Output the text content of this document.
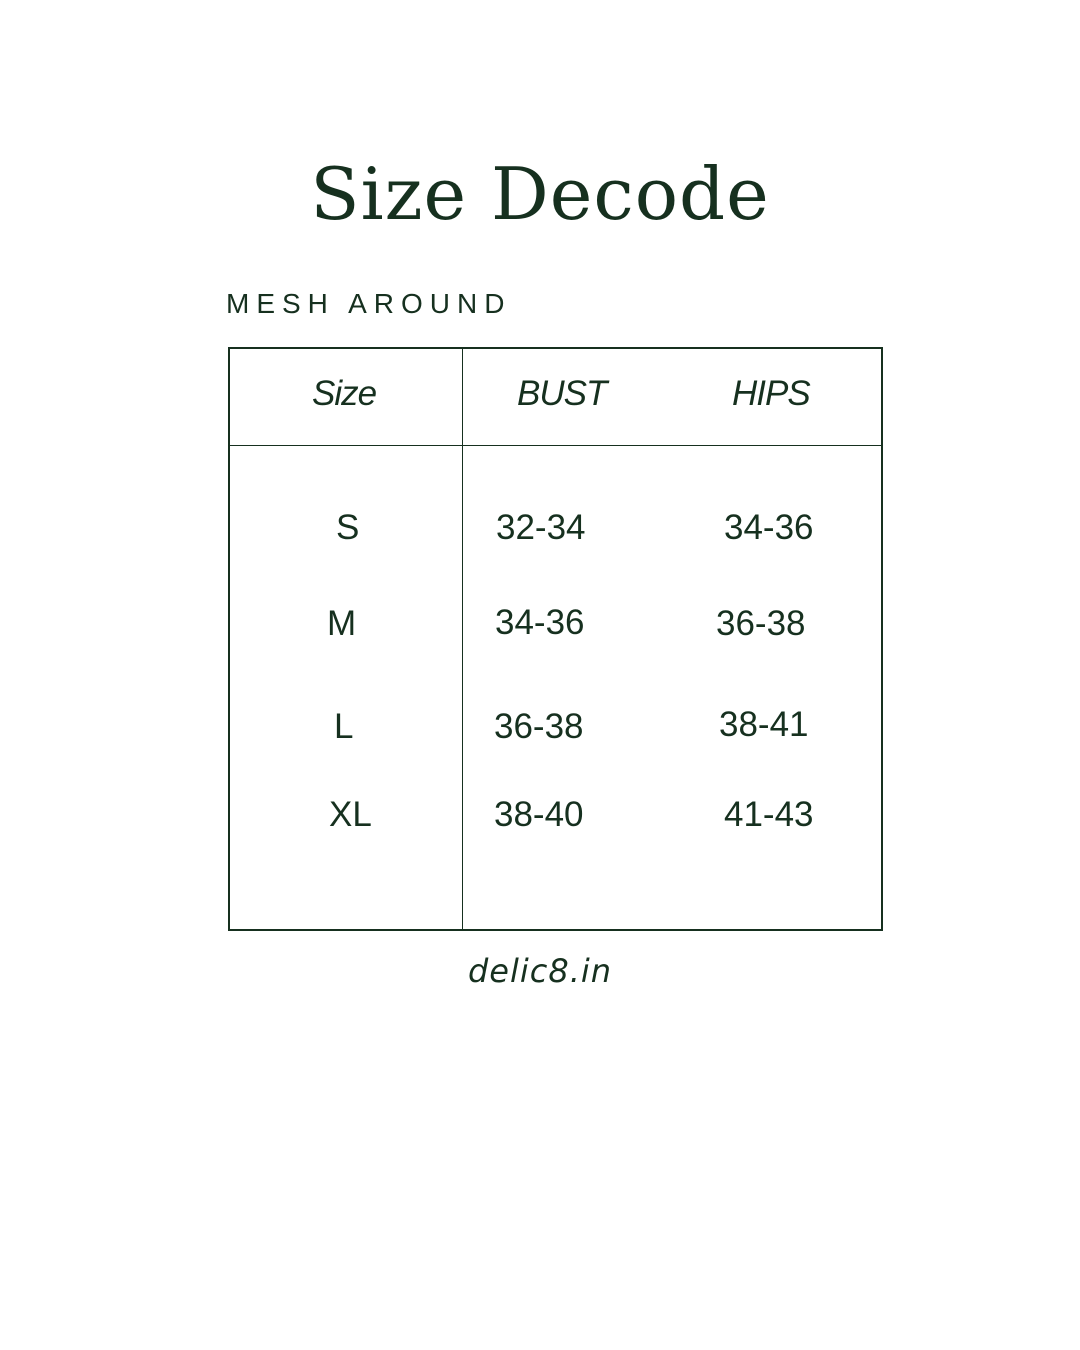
Size Decode
MESH AROUND
Size	BUST	HIPS
S	32-34	34-36
M	34-36	36-38
L	36-38	38-41
XL	38-40	41-43
delic8.in
